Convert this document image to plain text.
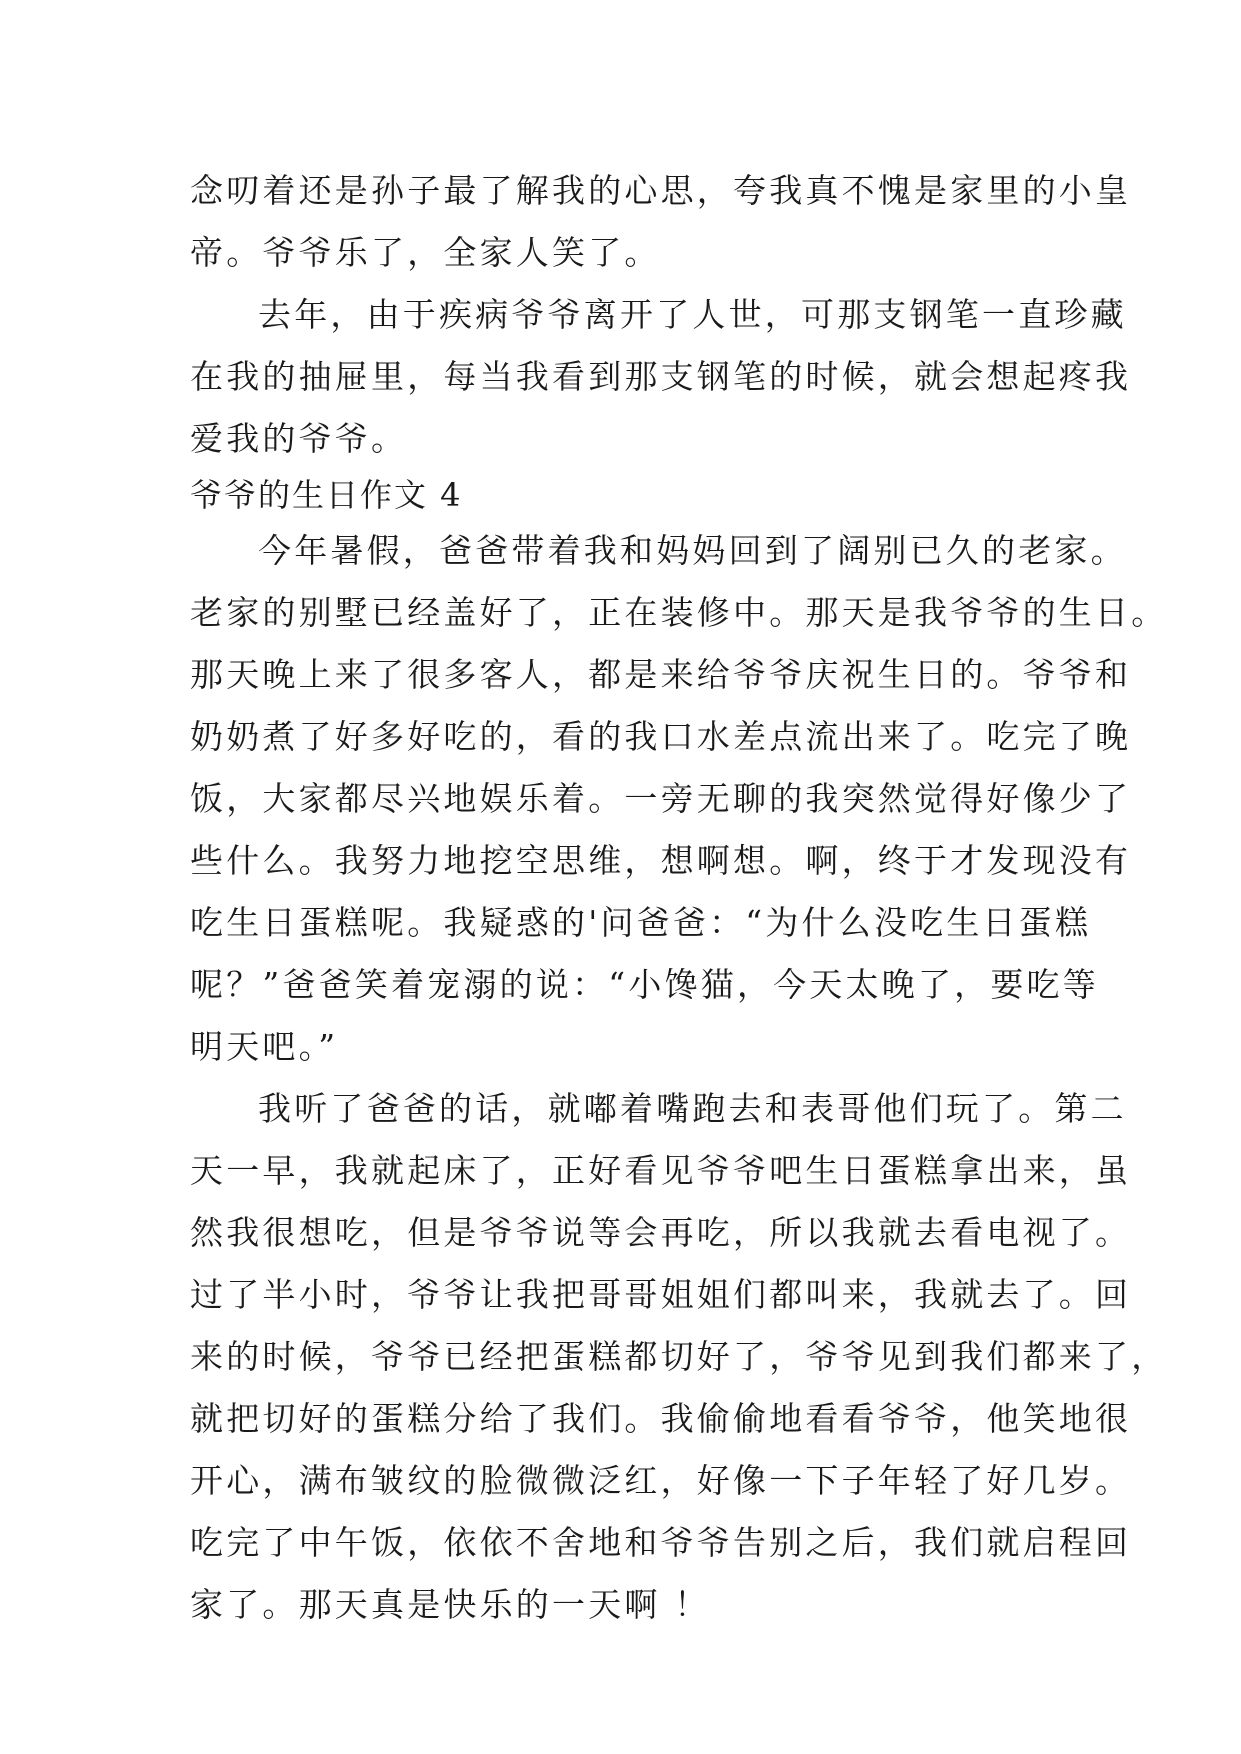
念叨着还是孙子最了解我的心思，夸我真不愧是家里的小皇
帝。爷爷乐了，全家人笑了。
去年，由于疾病爷爷离开了人世，可那支钢笔一直珍藏
在我的抽屉里，每当我看到那支钢笔的时候，就会想起疼我
爱我的爷爷。
爷爷的生日作文 4
今年暑假，爸爸带着我和妈妈回到了阔别已久的老家。
老家的别墅已经盖好了，正在装修中。那天是我爷爷的生日。
那天晚上来了很多客人，都是来给爷爷庆祝生日的。爷爷和
奶奶煮了好多好吃的，看的我口水差点流出来了。吃完了晚
饭，大家都尽兴地娱乐着。一旁无聊的我突然觉得好像少了
些什么。我努力地挖空思维，想啊想。啊，终于才发现没有
吃生日蛋糕呢。我疑惑的'问爸爸：“为什么没吃生日蛋糕
呢？”爸爸笑着宠溺的说：“小馋猫，今天太晚了，要吃等
明天吧。”
我听了爸爸的话，就嘟着嘴跑去和表哥他们玩了。第二
天一早，我就起床了，正好看见爷爷吧生日蛋糕拿出来，虽
然我很想吃，但是爷爷说等会再吃，所以我就去看电视了。
过了半小时，爷爷让我把哥哥姐姐们都叫来，我就去了。回
来的时候，爷爷已经把蛋糕都切好了，爷爷见到我们都来了，
就把切好的蛋糕分给了我们。我偷偷地看看爷爷，他笑地很
开心，满布皱纹的脸微微泛红，好像一下子年轻了好几岁。
吃完了中午饭，依依不舍地和爷爷告别之后，我们就启程回
家了。那天真是快乐的一天啊 ！
